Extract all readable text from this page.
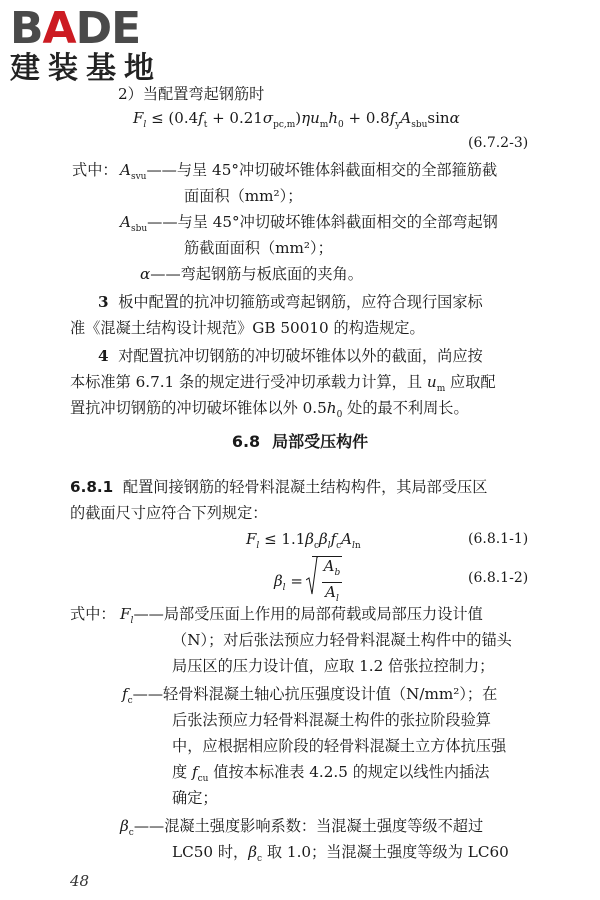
BADE
建装基地
2）当配置弯起钢筋时
$F_l \le (0.4f_t + 0.21\sigma_{pc,m})\eta u_mh_0 + 0.8f_yA_{sbu}\sin\alpha$
(6.7.2-3)
式中： $A_{svu}——$与呈 45°冲切破坏锥体斜截面相交的全部箍筋截
面面积（mm²）；
$A_{sbu}——$与呈 45°冲切破坏锥体斜截面相交的全部弯起钢
筋截面面积（mm²）；
α——弯起钢筋与板底面的夹角。
3 板中配置的抗冲切箍筋或弯起钢筋，应符合现行国家标
准《混凝土结构设计规范》GB 50010 的构造规定。
4 对配置抗冲切钢筋的冲切破坏锥体以外的截面，尚应按
本标准第 6.7.1 条的规定进行受冲切承载力计算，且 $u_m$ 应取配
置抗冲切钢筋的冲切破坏锥体以外 $0.5h_0$ 处的最不利周长。
6.8 局部受压构件
6.8.1 配置间接钢筋的轻骨料混凝土结构构件，其局部受压区
的截面尺寸应符合下列规定：
$F_l \le 1.1\beta_c\beta_lf_cA_{ln}$	(6.8.1-1)
$\beta_l = \frac{A_b}{A_l}$	(6.8.1-2)
式中： $F_l——$局部受压面上作用的局部荷载或局部压力设计值
（N）；对后张法预应力轻骨料混凝土构件中的锚头
局压区的压力设计值，应取 1.2 倍张拉控制力；
$f_c——$轻骨料混凝土轴心抗压强度设计值（N/mm²）；在
后张法预应力轻骨料混凝土构件的张拉阶段验算
中，应根据相应阶段的轻骨料混凝土立方体抗压强
度 $f_{cu}$ 值按本标准表 4.2.5 的规定以线性内插法
确定；
$\beta_c——$混凝土强度影响系数：当混凝土强度等级不超过
LC50 时，$\beta_c$ 取 1.0；当混凝土强度等级为 LC60
48
